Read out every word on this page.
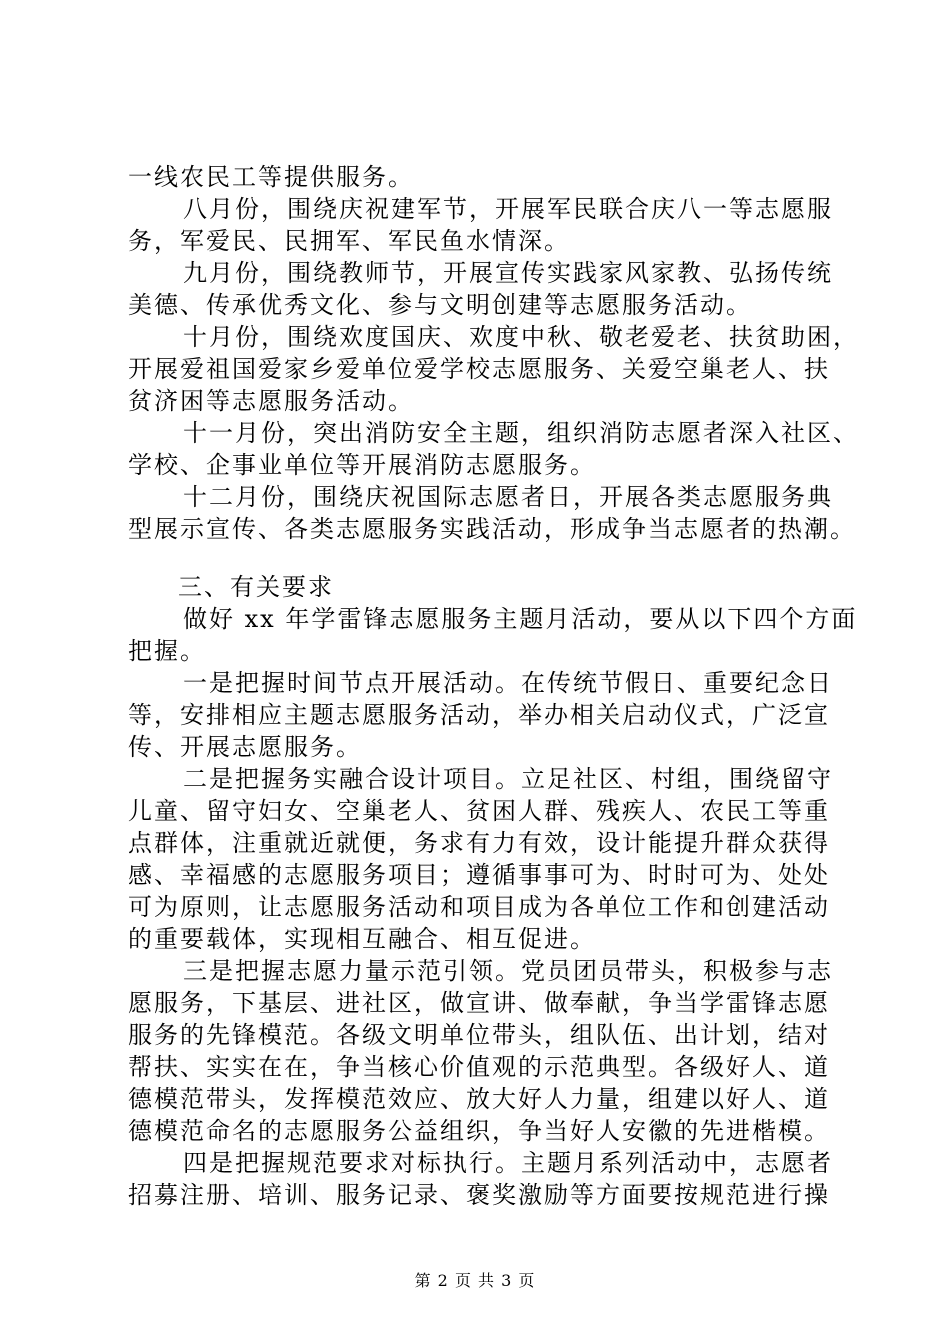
一线农民工等提供服务。
八月份，围绕庆祝建军节，开展军民联合庆八一等志愿服
务，军爱民、民拥军、军民鱼水情深。
九月份，围绕教师节，开展宣传实践家风家教、弘扬传统
美德、传承优秀文化、参与文明创建等志愿服务活动。
十月份，围绕欢度国庆、欢度中秋、敬老爱老、扶贫助困，
开展爱祖国爱家乡爱单位爱学校志愿服务、关爱空巢老人、扶
贫济困等志愿服务活动。
十一月份，突出消防安全主题，组织消防志愿者深入社区、
学校、企事业单位等开展消防志愿服务。
十二月份，围绕庆祝国际志愿者日，开展各类志愿服务典
型展示宣传、各类志愿服务实践活动，形成争当志愿者的热潮。
三、有关要求
做好 xx 年学雷锋志愿服务主题月活动，要从以下四个方面
把握。
一是把握时间节点开展活动。在传统节假日、重要纪念日
等，安排相应主题志愿服务活动，举办相关启动仪式，广泛宣
传、开展志愿服务。
二是把握务实融合设计项目。立足社区、村组，围绕留守
儿童、留守妇女、空巢老人、贫困人群、残疾人、农民工等重
点群体，注重就近就便，务求有力有效，设计能提升群众获得
感、幸福感的志愿服务项目；遵循事事可为、时时可为、处处
可为原则，让志愿服务活动和项目成为各单位工作和创建活动
的重要载体，实现相互融合、相互促进。
三是把握志愿力量示范引领。党员团员带头，积极参与志
愿服务，下基层、进社区，做宣讲、做奉献，争当学雷锋志愿
服务的先锋模范。各级文明单位带头，组队伍、出计划，结对
帮扶、实实在在，争当核心价值观的示范典型。各级好人、道
德模范带头，发挥模范效应、放大好人力量，组建以好人、道
德模范命名的志愿服务公益组织，争当好人安徽的先进楷模。
四是把握规范要求对标执行。主题月系列活动中，志愿者
招募注册、培训、服务记录、褒奖激励等方面要按规范进行操
第 2 页 共 3 页
